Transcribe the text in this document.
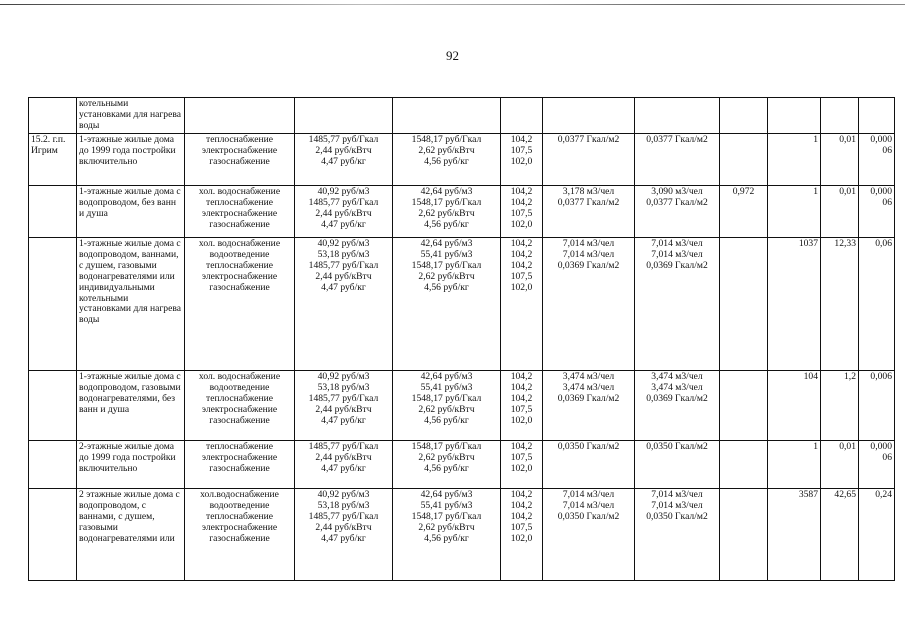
92
	котельными установками для нагрева воды										
15.2. г.п. Игрим	1-этажные жилые дома до 1999 года постройки включительно	теплоснабжение
электроснабжение
газоснабжение	1485,77 руб/Гкал
2,44 руб/кВтч
4,47 руб/кг	1548,17 руб/Гкал
2,62 руб/кВтч
4,56 руб/кг	104,2
107,5
102,0	0,0377 Гкал/м2	0,0377 Гкал/м2		1	0,01	0,000 06
	1-этажные жилые дома с водопроводом, без ванн и душа	хол. водоснабжение
теплоснабжение
электроснабжение
газоснабжение	40,92 руб/м3
1485,77 руб/Гкал
2,44 руб/кВтч
4,47 руб/кг	42,64 руб/м3
1548,17 руб/Гкал
2,62 руб/кВтч
4,56 руб/кг	104,2
104,2
107,5
102,0	3,178 м3/чел
0,0377 Гкал/м2	3,090 м3/чел
0,0377 Гкал/м2	0,972	1	0,01	0,000 06
	1-этажные жилые дома с водопроводом, ваннами, с душем, газовыми водонагревателями или индивидуальными котельными установками для нагрева воды	хол. водоснабжение
водоотведение
теплоснабжение
электроснабжение
газоснабжение	40,92 руб/м3
53,18 руб/м3
1485,77 руб/Гкал
2,44 руб/кВтч
4,47 руб/кг	42,64 руб/м3
55,41 руб/м3
1548,17 руб/Гкал
2,62 руб/кВтч
4,56 руб/кг	104,2
104,2
104,2
107,5
102,0	7,014 м3/чел
7,014 м3/чел
0,0369 Гкал/м2	7,014 м3/чел
7,014 м3/чел
0,0369 Гкал/м2		1037	12,33	0,06
	1-этажные жилые дома с водопроводом, газовыми водонагревателями, без ванн и душа	хол. водоснабжение
водоотведение
теплоснабжение
электроснабжение
газоснабжение	40,92 руб/м3
53,18 руб/м3
1485,77 руб/Гкал
2,44 руб/кВтч
4,47 руб/кг	42,64 руб/м3
55,41 руб/м3
1548,17 руб/Гкал
2,62 руб/кВтч
4,56 руб/кг	104,2
104,2
104,2
107,5
102,0	3,474 м3/чел
3,474 м3/чел
0,0369 Гкал/м2	3,474 м3/чел
3,474 м3/чел
0,0369 Гкал/м2		104	1,2	0,006
	2-этажные жилые дома до 1999 года постройки включительно	теплоснабжение
электроснабжение
газоснабжение	1485,77 руб/Гкал
2,44 руб/кВтч
4,47 руб/кг	1548,17 руб/Гкал
2,62 руб/кВтч
4,56 руб/кг	104,2
107,5
102,0	0,0350 Гкал/м2	0,0350 Гкал/м2		1	0,01	0,000 06
	2 этажные жилые дома с водопроводом, с ваннами, с душем, газовыми водонагревателями или	хол.водоснабжение
водоотведение
теплоснабжение
электроснабжение
газоснабжение	40,92 руб/м3
53,18 руб/м3
1485,77 руб/Гкал
2,44 руб/кВтч
4,47 руб/кг	42,64 руб/м3
55,41 руб/м3
1548,17 руб/Гкал
2,62 руб/кВтч
4,56 руб/кг	104,2
104,2
104,2
107,5
102,0	7,014 м3/чел
7,014 м3/чел
0,0350 Гкал/м2	7,014 м3/чел
7,014 м3/чел
0,0350 Гкал/м2		3587	42,65	0,24
